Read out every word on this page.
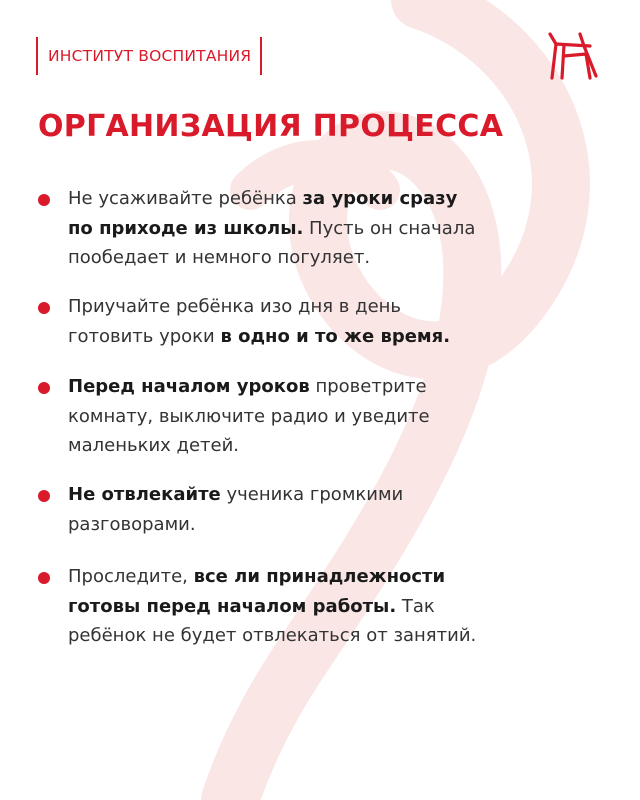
ИНСТИТУТ ВОСПИТАНИЯ
ОРГАНИЗАЦИЯ ПРОЦЕССА

Не усаживайте ребёнка за уроки сразу
по приходе из школы. Пусть он сначала
пообедает и немного погуляет.

Приучайте ребёнка изо дня в день
готовить уроки в одно и то же время.

Перед началом уроков проветрите
комнату, выключите радио и уведите
маленьких детей.

Не отвлекайте ученика громкими
разговорами.

Проследите, все ли принадлежности
готовы перед началом работы. Так
ребёнок не будет отвлекаться от занятий.
